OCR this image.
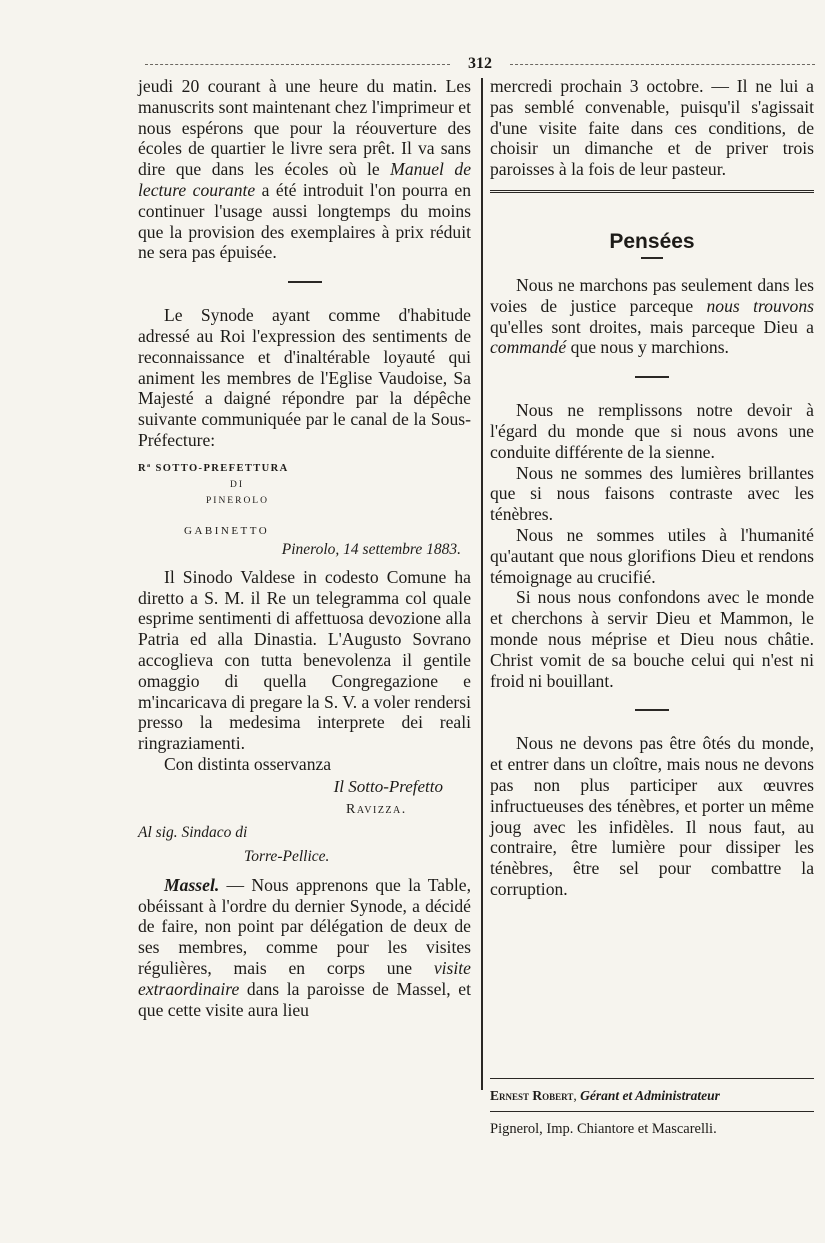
312

jeudi 20 courant à une heure du matin. Les manuscrits sont maintenant chez l'imprimeur et nous espérons que pour la réouverture des écoles de quartier le livre sera prêt. Il va sans dire que dans les écoles où le Manuel de lecture courante a été introduit l'on pourra en continuer l'usage aussi longtemps du moins que la provision des exemplaires à prix réduit ne sera pas épuisée.

Le Synode ayant comme d'habitude adressé au Roi l'expression des sentiments de reconnaissance et d'inaltérable loyauté qui animent les membres de l'Eglise Vaudoise, Sa Majesté a daigné répondre par la dépêche suivante communiquée par le canal de la Sous-Préfecture:

Rª SOTTO-PREFETTURA
DI
PINEROLO
GABINETTO
Pinerolo, 14 settembre 1883.

Il Sinodo Valdese in codesto Comune ha diretto a S. M. il Re un telegramma col quale esprime sentimenti di affettuosa devozione alla Patria ed alla Dinastia. L'Augusto Sovrano accoglieva con tutta benevolenza il gentile omaggio di quella Congregazione e m'incaricava di pregare la S. V. a voler rendersi presso la medesima interprete dei reali ringraziamenti.

Con distinta osservanza

Il Sotto-Prefetto
Ravizza.
Al sig. Sindaco di
Torre-Pellice.

Massel. — Nous apprenons que la Table, obéissant à l'ordre du dernier Synode, a décidé de faire, non point par délégation de deux de ses membres, comme pour les visites régulières, mais en corps une visite extraordinaire dans la paroisse de Massel, et que cette visite aura lieu

mercredi prochain 3 octobre. — Il ne lui a pas semblé convenable, puisqu'il s'agissait d'une visite faite dans ces conditions, de choisir un dimanche et de priver trois paroisses à la fois de leur pasteur.

Pensées

Nous ne marchons pas seulement dans les voies de justice parceque nous trouvons qu'elles sont droites, mais parceque Dieu a commandé que nous y marchions.

Nous ne remplissons notre devoir à l'égard du monde que si nous avons une conduite différente de la sienne.

Nous ne sommes des lumières brillantes que si nous faisons contraste avec les ténèbres.

Nous ne sommes utiles à l'humanité qu'autant que nous glorifions Dieu et rendons témoignage au crucifié.

Si nous nous confondons avec le monde et cherchons à servir Dieu et Mammon, le monde nous méprise et Dieu nous châtie. Christ vomit de sa bouche celui qui n'est ni froid ni bouillant.

Nous ne devons pas être ôtés du monde, et entrer dans un cloître, mais nous ne devons pas non plus participer aux œuvres infructueuses des ténèbres, et porter un même joug avec les infidèles. Il nous faut, au contraire, être lumière pour dissiper les ténèbres, être sel pour combattre la corruption.

Ernest Robert, Gérant et Administrateur
Pignerol, Imp. Chiantore et Mascarelli.
